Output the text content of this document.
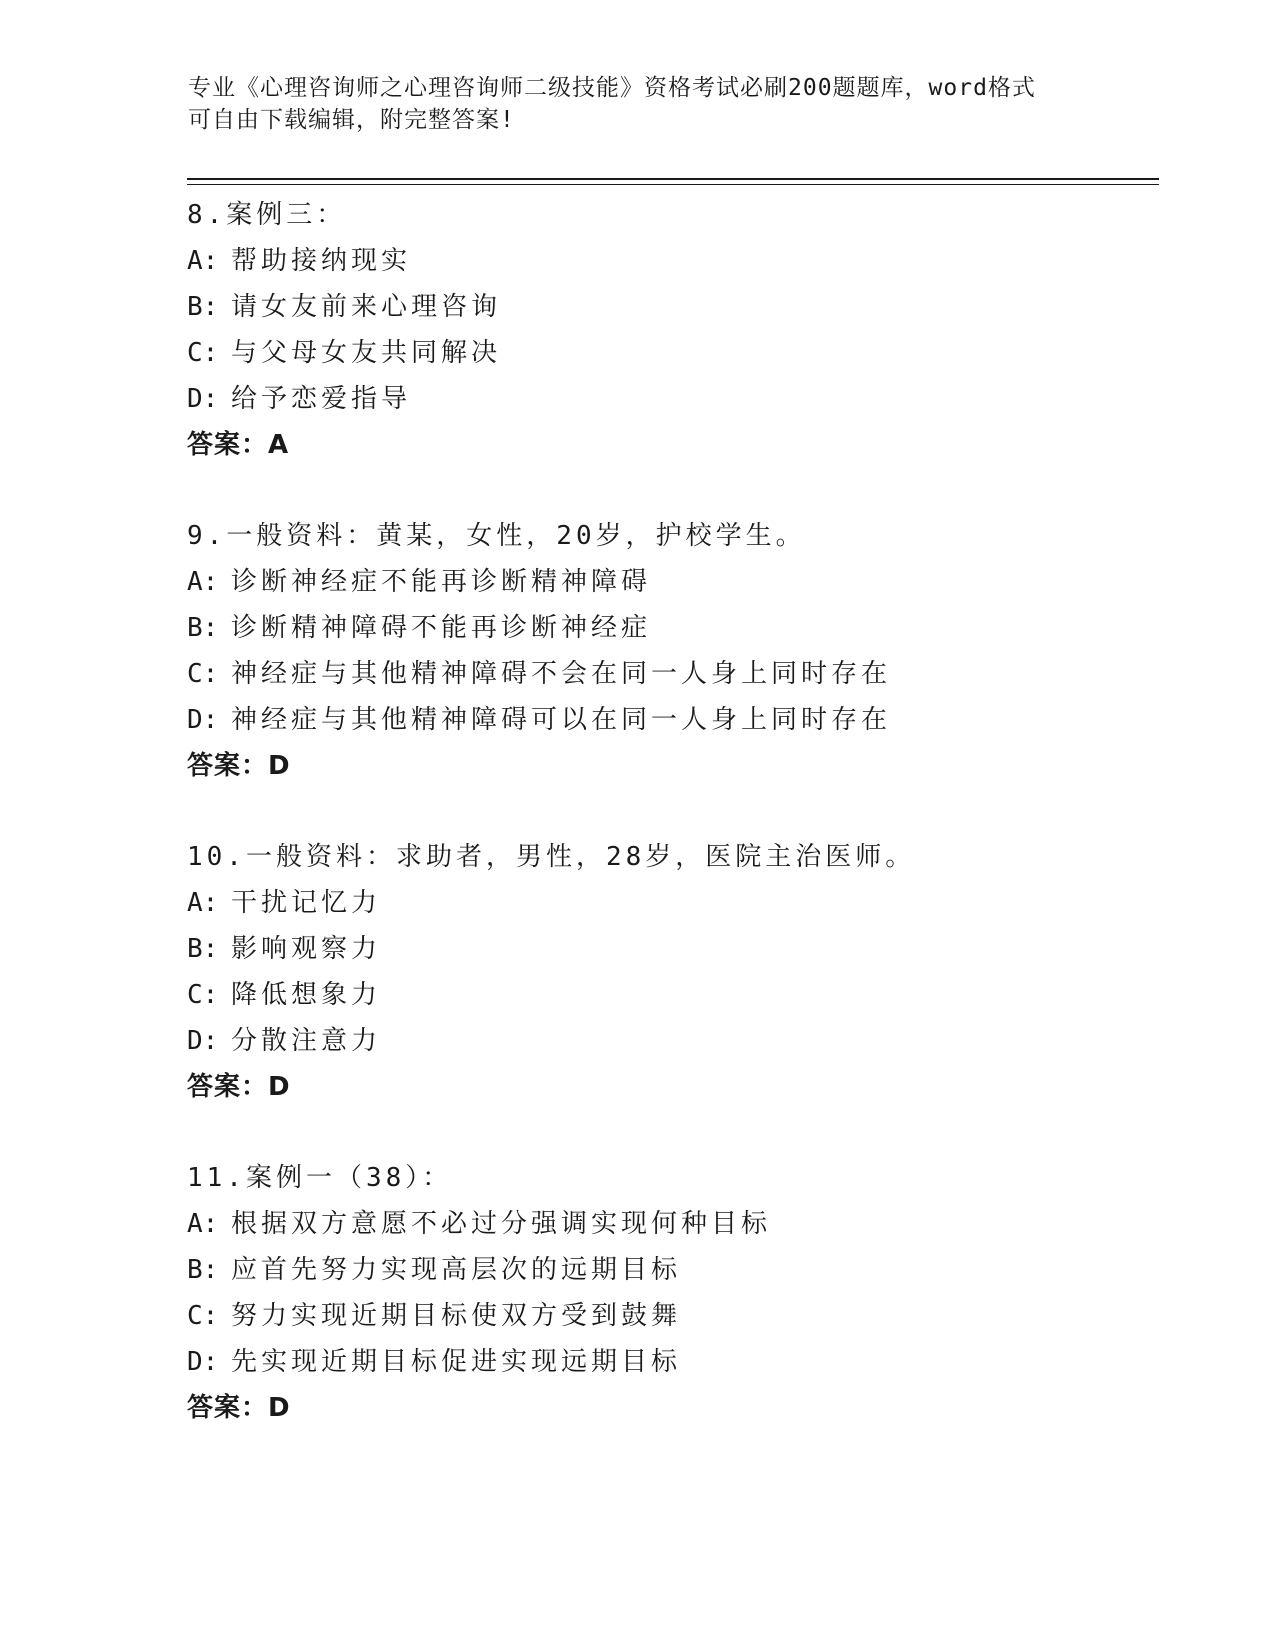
专业《心理咨询师之心理咨询师二级技能》资格考试必刷200题题库，word格式
可自由下载编辑，附完整答案!
8.案例三：
A: 帮助接纳现实
B: 请女友前来心理咨询
C: 与父母女友共同解决
D: 给予恋爱指导
答案：A
9.一般资料：黄某，女性，20岁，护校学生。
A: 诊断神经症不能再诊断精神障碍
B: 诊断精神障碍不能再诊断神经症
C: 神经症与其他精神障碍不会在同一人身上同时存在
D: 神经症与其他精神障碍可以在同一人身上同时存在
答案：D
10.一般资料：求助者，男性，28岁，医院主治医师。
A: 干扰记忆力
B: 影响观察力
C: 降低想象力
D: 分散注意力
答案：D
11.案例一（38）：
A: 根据双方意愿不必过分强调实现何种目标
B: 应首先努力实现高层次的远期目标
C: 努力实现近期目标使双方受到鼓舞
D: 先实现近期目标促进实现远期目标
答案：D
